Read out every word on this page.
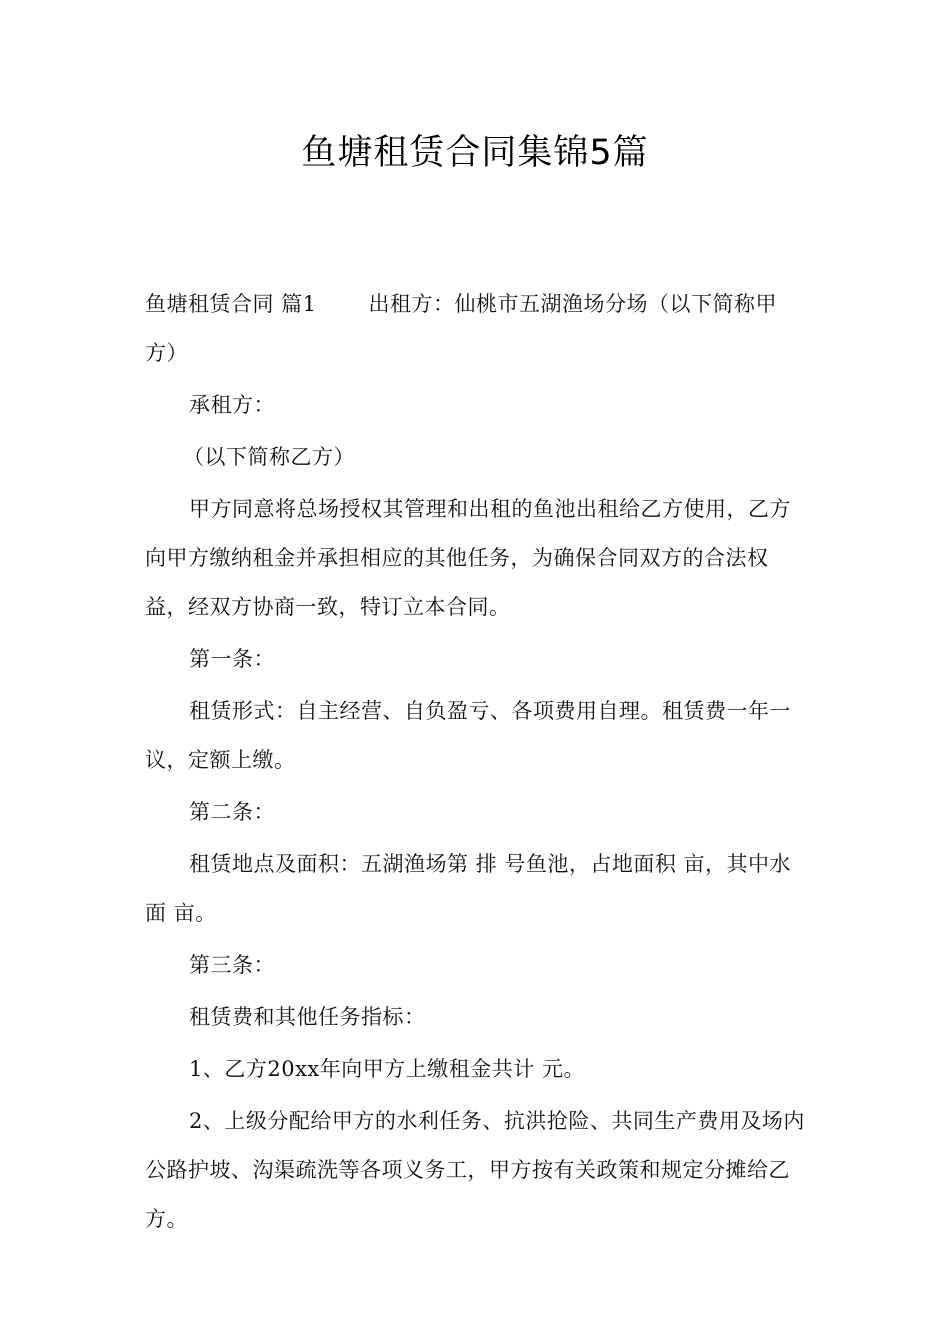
鱼塘租赁合同集锦5篇

鱼塘租赁合同 篇1 出租方：仙桃市五湖渔场分场（以下简称甲方）

承租方：

（以下简称乙方）

甲方同意将总场授权其管理和出租的鱼池出租给乙方使用，乙方向甲方缴纳租金并承担相应的其他任务，为确保合同双方的合法权益，经双方协商一致，特订立本合同。

第一条：

租赁形式：自主经营、自负盈亏、各项费用自理。租赁费一年一议，定额上缴。

第二条：

租赁地点及面积：五湖渔场第 排 号鱼池，占地面积 亩，其中水面 亩。

第三条：

租赁费和其他任务指标：

1、乙方20xx年向甲方上缴租金共计 元。

2、上级分配给甲方的水利任务、抗洪抢险、共同生产费用及场内公路护坡、沟渠疏洗等各项义务工，甲方按有关政策和规定分摊给乙方。
